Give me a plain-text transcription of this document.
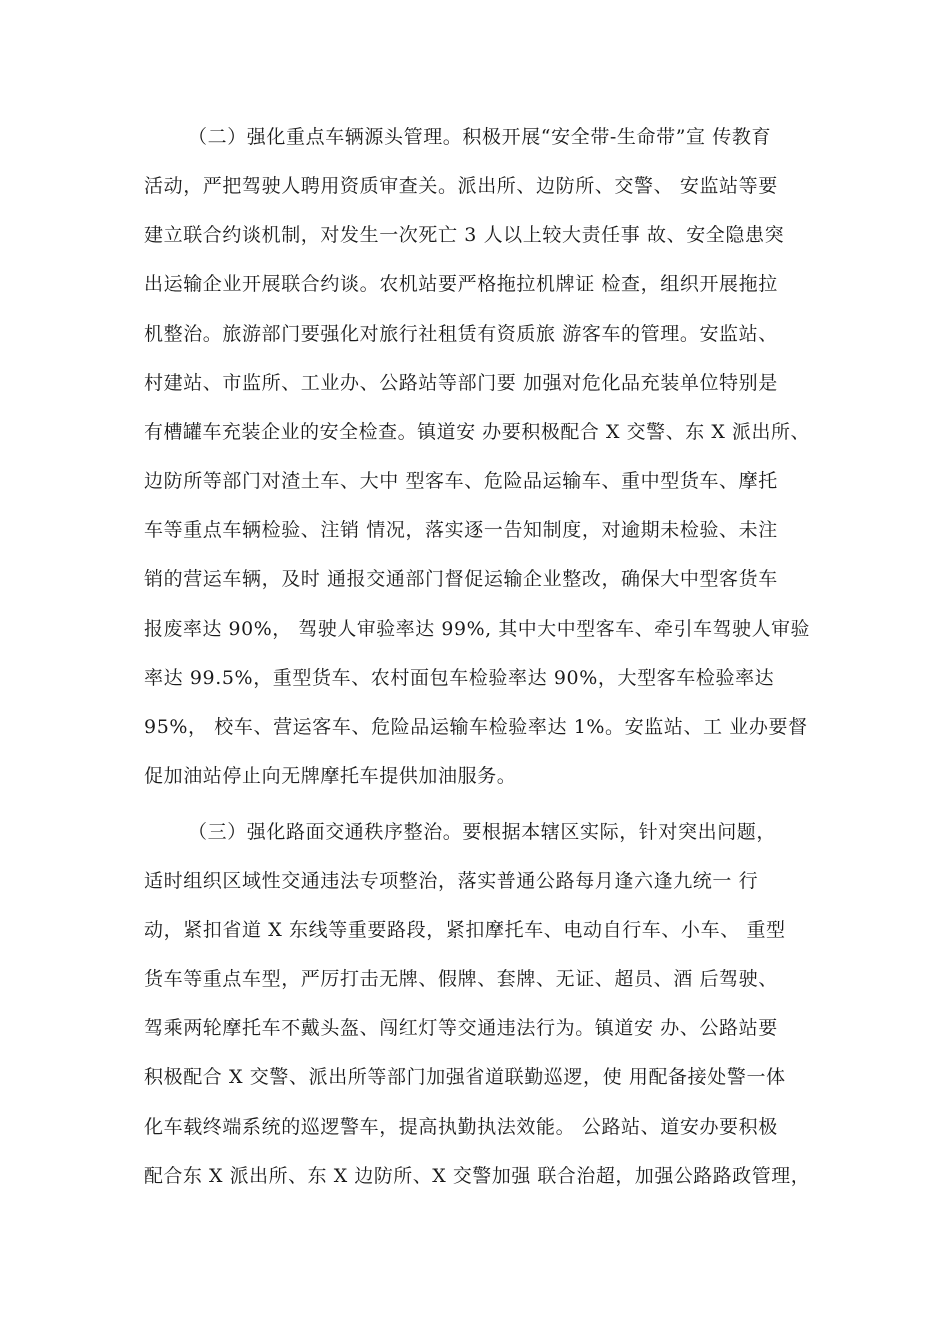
（二）强化重点车辆源头管理。积极开展“安全带-生命带”宣 传教育
活动，严把驾驶人聘用资质审查关。派出所、边防所、交警、 安监站等要
建立联合约谈机制，对发生一次死亡 3 人以上较大责任事 故、安全隐患突
出运输企业开展联合约谈。农机站要严格拖拉机牌证 检查，组织开展拖拉
机整治。旅游部门要强化对旅行社租赁有资质旅 游客车的管理。安监站、
村建站、市监所、工业办、公路站等部门要 加强对危化品充装单位特别是
有槽罐车充装企业的安全检查。镇道安 办要积极配合 X 交警、东 X 派出所、
边防所等部门对渣土车、大中 型客车、危险品运输车、重中型货车、摩托
车等重点车辆检验、注销 情况，落实逐一告知制度，对逾期未检验、未注
销的营运车辆，及时 通报交通部门督促运输企业整改，确保大中型客货车
报废率达 90%， 驾驶人审验率达 99%, 其中大中型客车、牵引车驾驶人审验
率达 99.5%，重型货车、农村面包车检验率达 90%，大型客车检验率达
95%， 校车、营运客车、危险品运输车检验率达 1%。安监站、工 业办要督
促加油站停止向无牌摩托车提供加油服务。
（三）强化路面交通秩序整治。要根据本辖区实际，针对突出问题，
适时组织区域性交通违法专项整治，落实普通公路每月逢六逢九统一 行
动，紧扣省道 X 东线等重要路段，紧扣摩托车、电动自行车、小车、 重型
货车等重点车型，严厉打击无牌、假牌、套牌、无证、超员、酒 后驾驶、
驾乘两轮摩托车不戴头盔、闯红灯等交通违法行为。镇道安 办、公路站要
积极配合 X 交警、派出所等部门加强省道联勤巡逻，使 用配备接处警一体
化车载终端系统的巡逻警车，提高执勤执法效能。 公路站、道安办要积极
配合东 X 派出所、东 X 边防所、X 交警加强 联合治超，加强公路路政管理，
